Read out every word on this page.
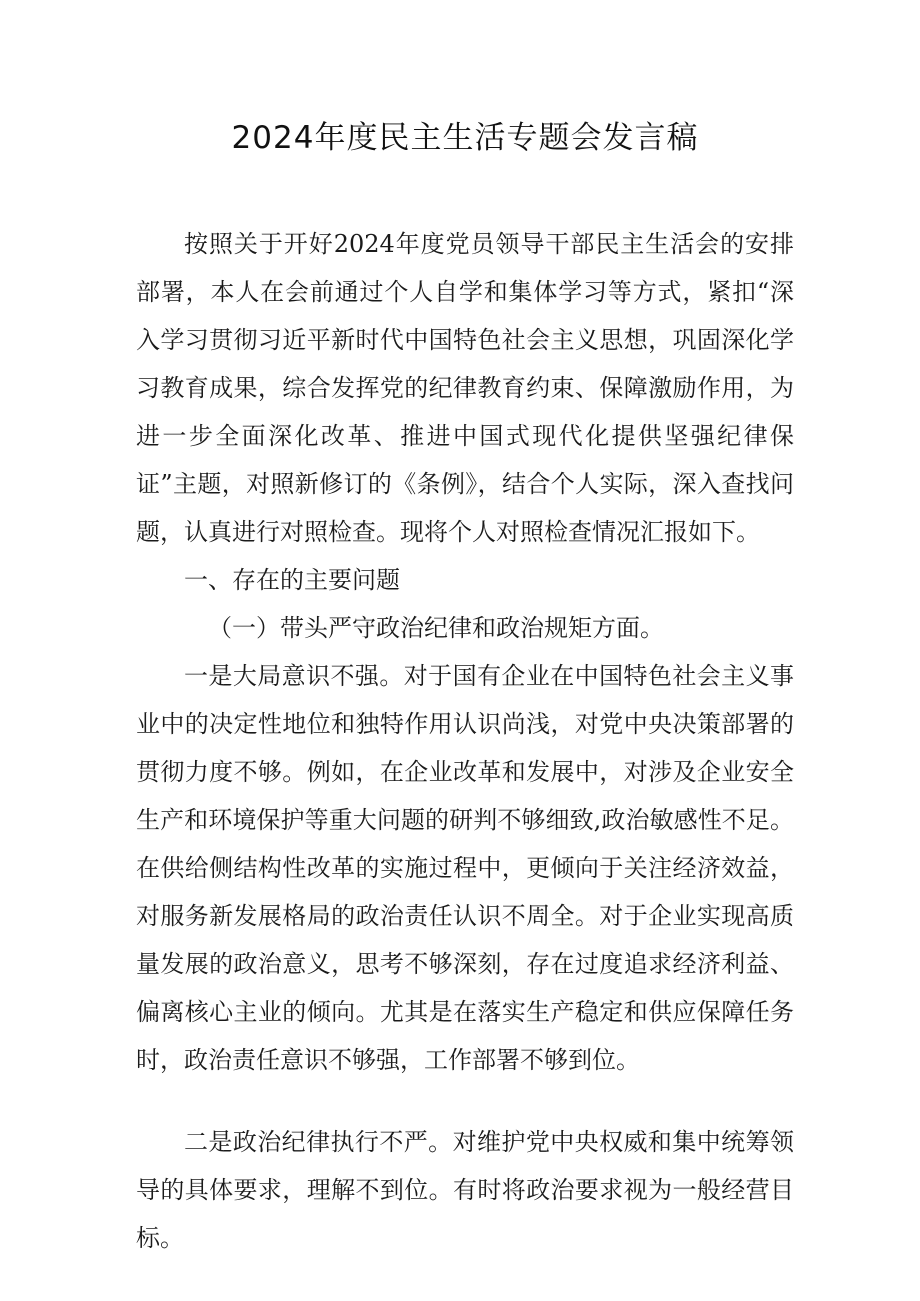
2024年度民主生活专题会发言稿

按照关于开好2024年度党员领导干部民主生活会的安排部署，本人在会前通过个人自学和集体学习等方式，紧扣“深入学习贯彻习近平新时代中国特色社会主义思想，巩固深化学习教育成果，综合发挥党的纪律教育约束、保障激励作用，为进一步全面深化改革、推进中国式现代化提供坚强纪律保证”主题，对照新修订的《条例》，结合个人实际，深入查找问题，认真进行对照检查。现将个人对照检查情况汇报如下。

一、存在的主要问题

（一）带头严守政治纪律和政治规矩方面。

一是大局意识不强。对于国有企业在中国特色社会主义事业中的决定性地位和独特作用认识尚浅，对党中央决策部署的贯彻力度不够。例如，在企业改革和发展中，对涉及企业安全生产和环境保护等重大问题的研判不够细致,政治敏感性不足。在供给侧结构性改革的实施过程中，更倾向于关注经济效益，对服务新发展格局的政治责任认识不周全。对于企业实现高质量发展的政治意义，思考不够深刻，存在过度追求经济利益、偏离核心主业的倾向。尤其是在落实生产稳定和供应保障任务时，政治责任意识不够强，工作部署不够到位。

二是政治纪律执行不严。对维护党中央权威和集中统筹领导的具体要求，理解不到位。有时将政治要求视为一般经营目标。
